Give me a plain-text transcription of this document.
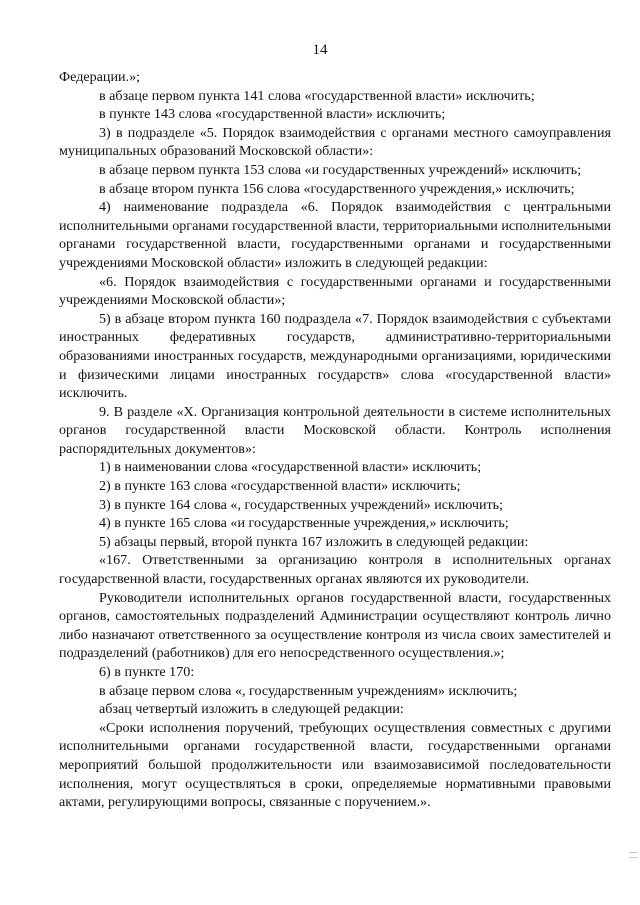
14

Федерации.»;

в абзаце первом пункта 141 слова «государственной власти» исключить;

в пункте 143 слова «государственной власти» исключить;

3) в подразделе «5. Порядок взаимодействия с органами местного самоуправления муниципальных образований Московской области»:

в абзаце первом пункта 153 слова «и государственных учреждений» исключить;

в абзаце втором пункта 156 слова «государственного учреждения,» исключить;

4) наименование подраздела «6. Порядок взаимодействия с центральными исполнительными органами государственной власти, территориальными исполнительными органами государственной власти, государственными органами и государственными учреждениями Московской области» изложить в следующей редакции:

«6. Порядок взаимодействия с государственными органами и государственными учреждениями Московской области»;

5) в абзаце втором пункта 160 подраздела «7. Порядок взаимодействия с субъектами иностранных федеративных государств, административно-территориальными образованиями иностранных государств, международными организациями, юридическими и физическими лицами иностранных государств» слова «государственной власти» исключить.

9. В разделе «X. Организация контрольной деятельности в системе исполнительных органов государственной власти Московской области. Контроль исполнения распорядительных документов»:

1) в наименовании слова «государственной власти» исключить;

2) в пункте 163 слова «государственной власти» исключить;

3) в пункте 164 слова «, государственных учреждений» исключить;

4) в пункте 165 слова «и государственные учреждения,» исключить;

5) абзацы первый, второй пункта 167 изложить в следующей редакции:

«167. Ответственными за организацию контроля в исполнительных органах государственной власти, государственных органах являются их руководители.

Руководители исполнительных органов государственной власти, государственных органов, самостоятельных подразделений Администрации осуществляют контроль лично либо назначают ответственного за осуществление контроля из числа своих заместителей и подразделений (работников) для его непосредственного осуществления.»;

6) в пункте 170:

в абзаце первом слова «, государственным учреждениям» исключить;

абзац четвертый изложить в следующей редакции:

«Сроки исполнения поручений, требующих осуществления совместных с другими исполнительными органами государственной власти, государственными органами мероприятий большой продолжительности или взаимозависимой последовательности исполнения, могут осуществляться в сроки, определяемые нормативными правовыми актами, регулирующими вопросы, связанные с поручением.».

││
